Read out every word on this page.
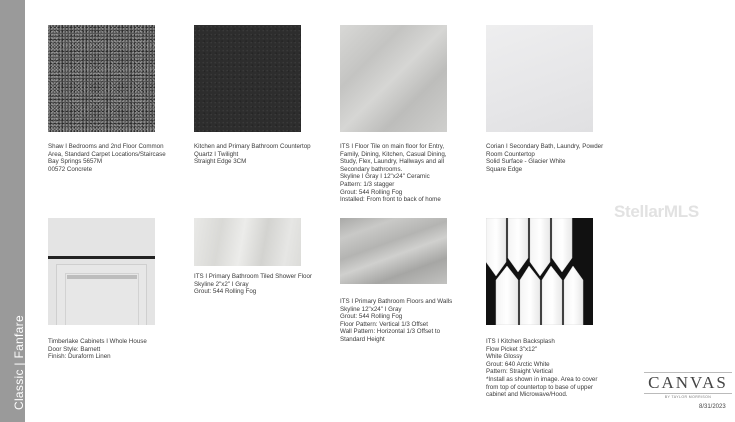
Classic | Fanfare
Shaw I Bedrooms and 2nd Floor Common
Area, Standard Carpet Locations/Staircase
Bay Springs 5657M
00572 Concrete
Kitchen and Primary Bathroom Countertop
Quartz I Twilight
Straight Edge 3CM
ITS I Floor Tile on main floor for Entry,
Family, Dining, Kitchen, Casual Dining,
Study, Flex, Laundry, Hallways and all
Secondary bathrooms.
Skyline I Gray I 12"x24" Ceramic
Pattern: 1/3 stagger
Grout: 544 Rolling Fog
Installed: From front to back of home
Corian I Secondary Bath, Laundry, Powder
Room Countertop
Solid Surface - Glacier White
Square Edge
Timberlake Cabinets I Whole House
Door Style: Barnett
Finish: Duraform Linen
ITS I Primary Bathroom Tiled Shower Floor
Skyline 2"x2" I Gray
Grout: 544 Rolling Fog
ITS I Primary Bathroom Floors and Walls
Skyline 12"x24" I Gray
Grout: 544 Rolling Fog
Floor Pattern: Vertical 1/3 Offset
Wall Pattern: Horizontal 1/3 Offset to
Standard Height	ITS I Kitchen Backsplash
Flow Picket 3"x12"
White Glossy
Grout: 640 Arctic White
Pattern: Straight Vertical
*Install as shown in image. Area to cover
from top of countertop to base of upper
cabinet and Microwave/Hood.
StellarMLS
CANVAS
BY TAYLOR MORRISON
8/31/2023
